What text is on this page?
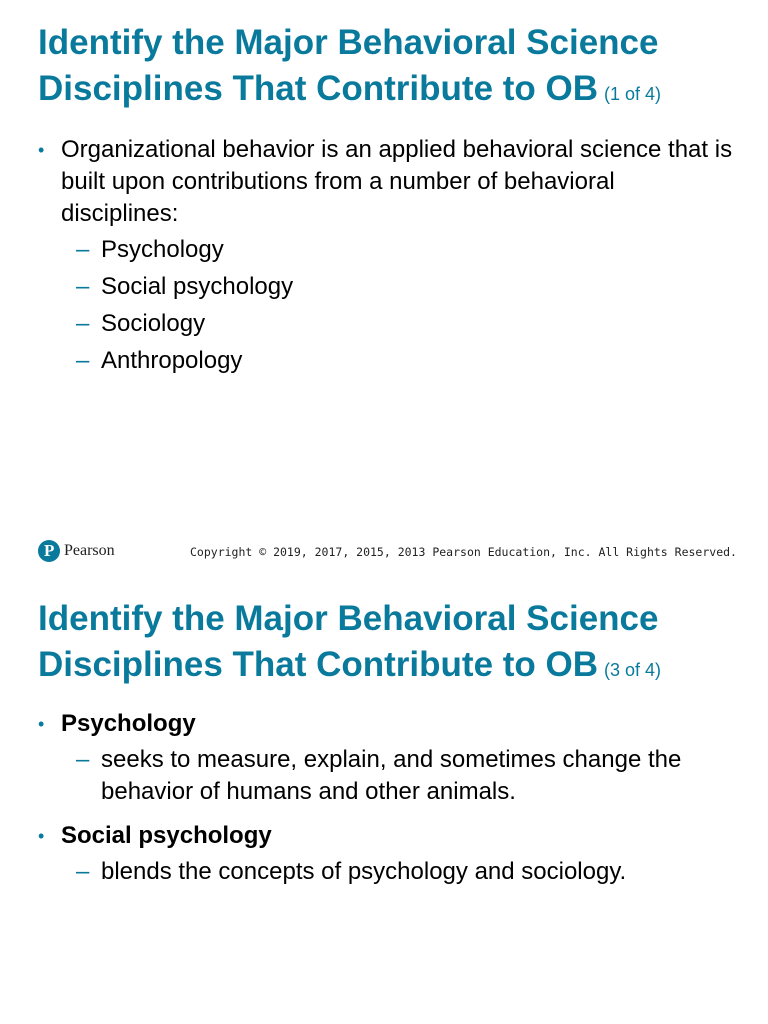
Identify the Major Behavioral Science Disciplines That Contribute to OB (1 of 4)
• Organizational behavior is an applied behavioral science that is built upon contributions from a number of behavioral disciplines:
– Psychology
– Social psychology
– Sociology
– Anthropology
P Pearson	Copyright © 2019, 2017, 2015, 2013 Pearson Education, Inc. All Rights Reserved.
Identify the Major Behavioral Science Disciplines That Contribute to OB (3 of 4)
• Psychology
– seeks to measure, explain, and sometimes change the behavior of humans and other animals.
• Social psychology
– blends the concepts of psychology and sociology.
